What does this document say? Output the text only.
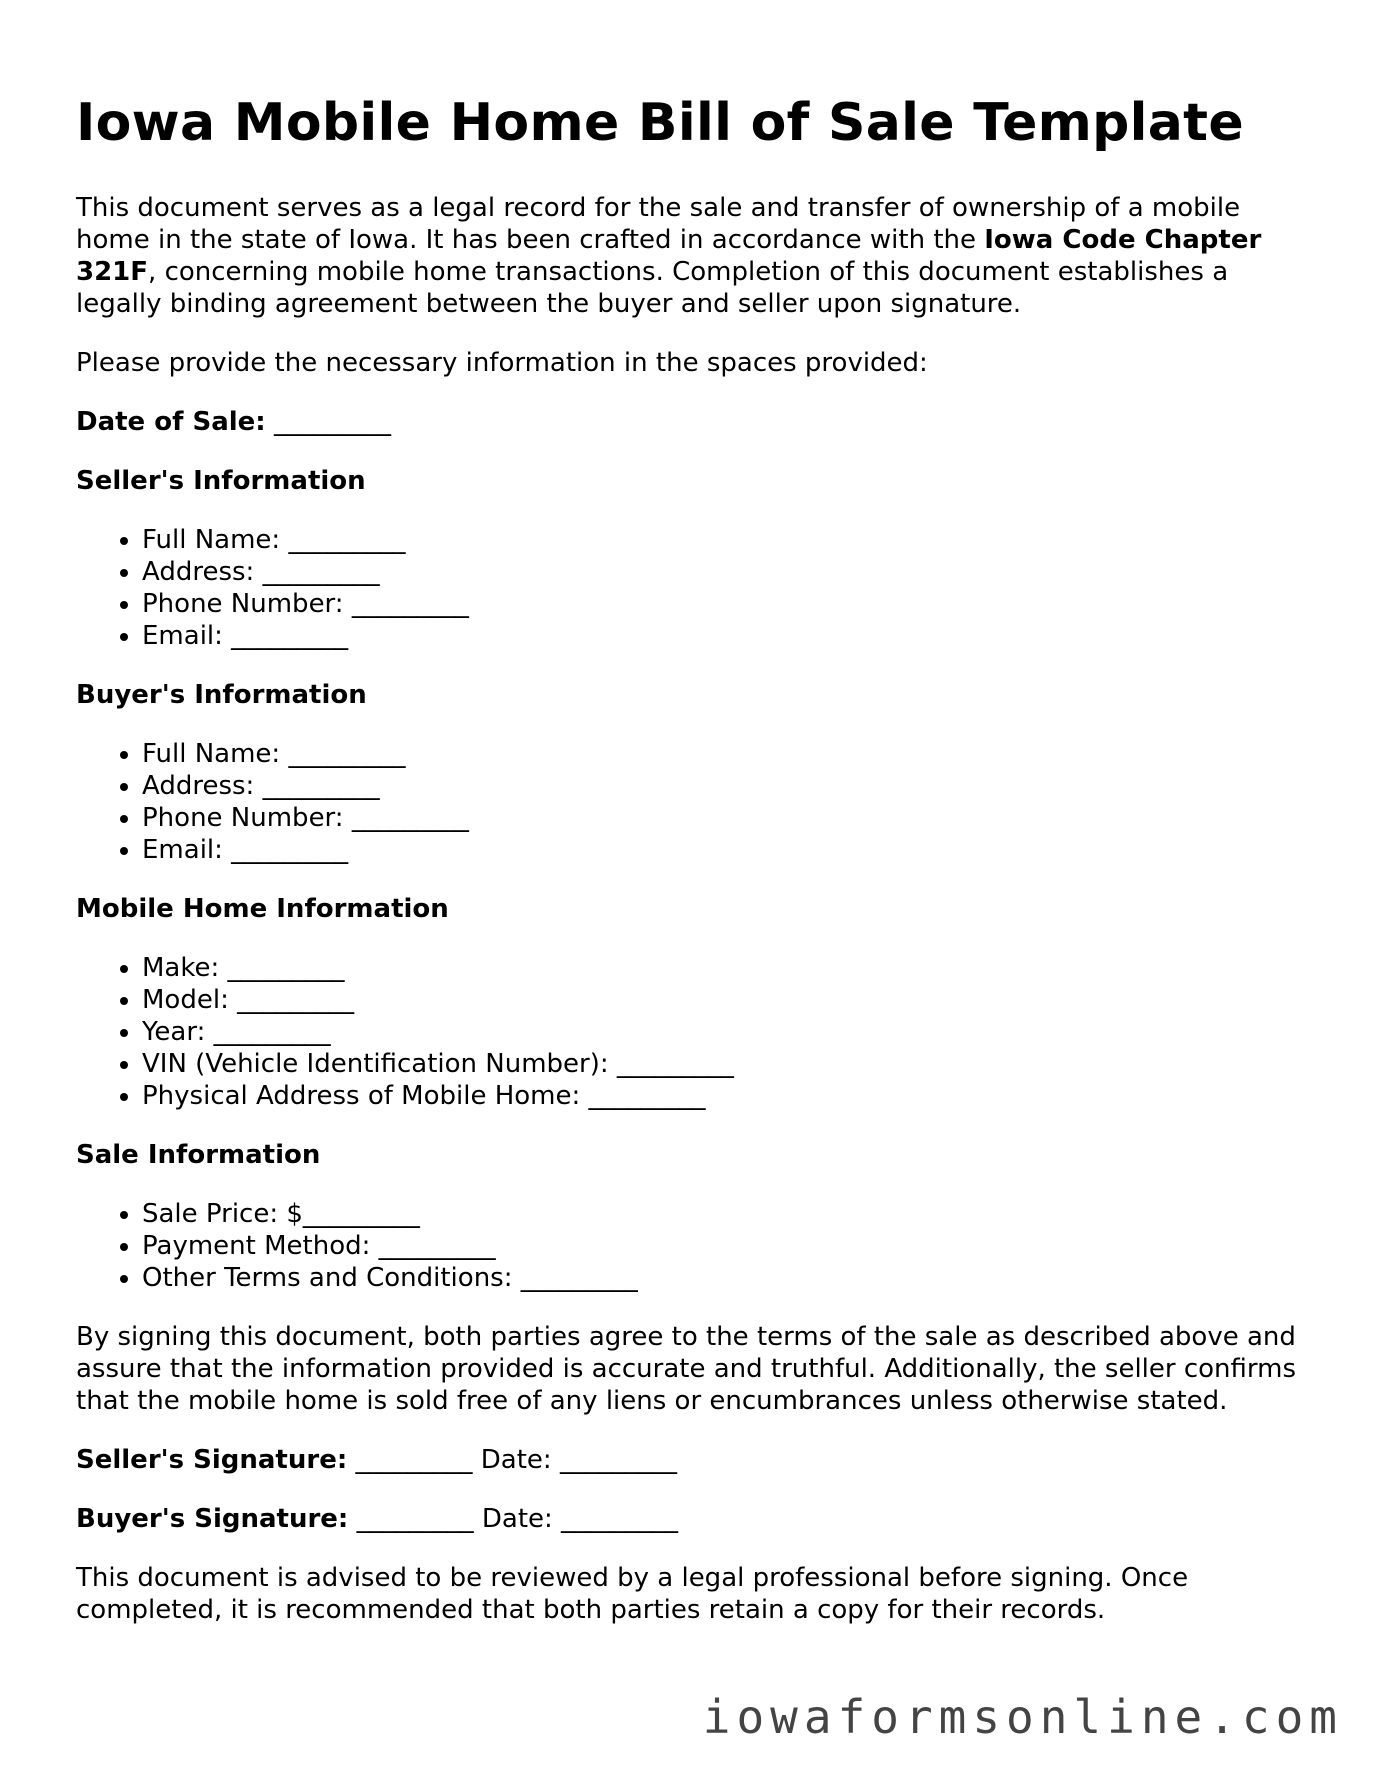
Iowa Mobile Home Bill of Sale Template

This document serves as a legal record for the sale and transfer of ownership of a mobile home in the state of Iowa. It has been crafted in accordance with the Iowa Code Chapter 321F, concerning mobile home transactions. Completion of this document establishes a legally binding agreement between the buyer and seller upon signature.

Please provide the necessary information in the spaces provided:

Date of Sale: _________

Seller's Information
• Full Name: _________
• Address: _________
• Phone Number: _________
• Email: _________
Buyer's Information
• Full Name: _________
• Address: _________
• Phone Number: _________
• Email: _________
Mobile Home Information
• Make: _________
• Model: _________
• Year: _________
• VIN (Vehicle Identification Number): _________
• Physical Address of Mobile Home: _________
Sale Information
• Sale Price: $_________
• Payment Method: _________
• Other Terms and Conditions: _________

By signing this document, both parties agree to the terms of the sale as described above and assure that the information provided is accurate and truthful. Additionally, the seller confirms that the mobile home is sold free of any liens or encumbrances unless otherwise stated.

Seller's Signature: _________ Date: _________

Buyer's Signature: _________ Date: _________

This document is advised to be reviewed by a legal professional before signing. Once completed, it is recommended that both parties retain a copy for their records.

iowaformsonline.com
